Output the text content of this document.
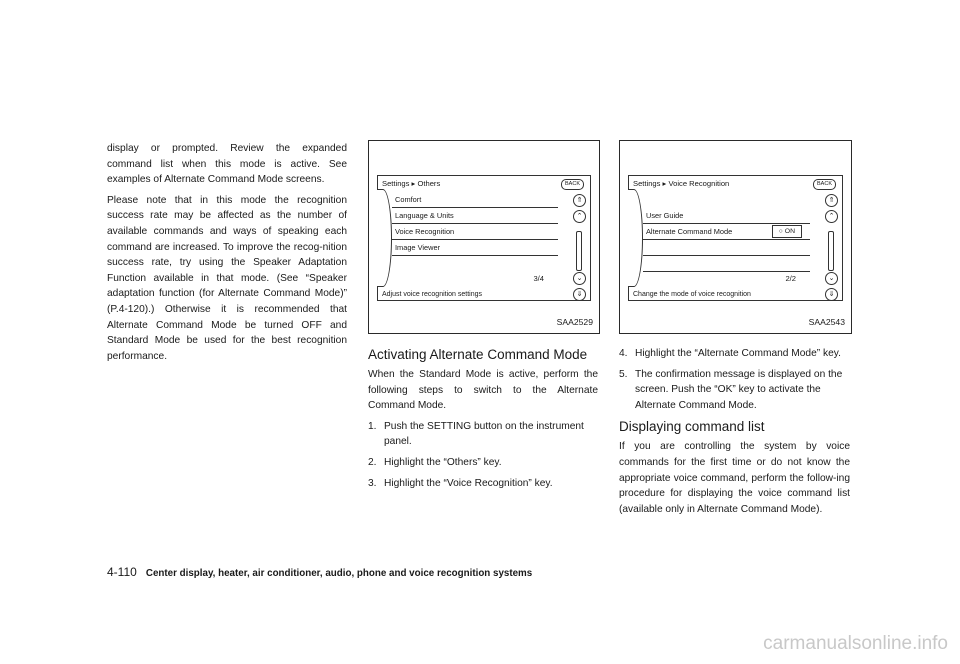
display or prompted. Review the expanded command list when this mode is active. See examples of Alternate Command Mode screens.

Please note that in this mode the recognition success rate may be affected as the number of available commands and ways of speaking each command are increased. To improve the recog-nition success rate, try using the Speaker Adaptation Function available in that mode. (See “Speaker adaptation function (for Alternate Command Mode)” (P.4-120).) Otherwise it is recommended that Alternate Command Mode be turned OFF and Standard Mode be used for the best recognition performance.

Settings ▸ Others	BACK
Comfort
Language & Units
Voice Recognition
Image Viewer
⇑
⌃
⌄
⇓
3/4
Adjust voice recognition settings
SAA2529
Settings ▸ Voice Recognition	BACK
User Guide
Alternate Command Mode	○ ON
⇑
⌃
⌄
⇓
2/2
Change the mode of voice recognition
SAA2543
Activating Alternate Command Mode

When the Standard Mode is active, perform the following steps to switch to the Alternate Command Mode.

1. Push the SETTING button on the instrument panel.
2. Highlight the “Others” key.
3. Highlight the “Voice Recognition” key.
4. Highlight the “Alternate Command Mode” key.
5. The confirmation message is displayed on the screen. Push the “OK” key to activate the Alternate Command Mode.
Displaying command list

If you are controlling the system by voice commands for the first time or do not know the appropriate voice command, perform the follow-ing procedure for displaying the voice command list (available only in Alternate Command Mode).

4-110 Center display, heater, air conditioner, audio, phone and voice recognition systems
carmanualsonline.info
